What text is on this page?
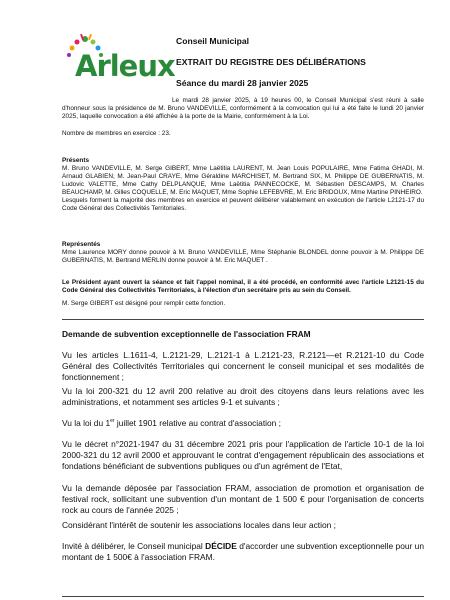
Arleux
Conseil Municipal
EXTRAIT DU REGISTRE DES DÉLIBÉRATIONS
Séance du mardi 28 janvier 2025

Le mardi 28 janvier 2025, à 19 heures 00, le Conseil Municipal s'est réuni à salle d'honneur sous la présidence de M. Bruno VANDEVILLE, conformément à la convocation qui lui a été faite le lundi 20 janvier 2025, laquelle convocation a été affichée à la porte de la Mairie, conformément à la Loi.

Nombre de membres en exercice : 23.

Présents

M. Bruno VANDEVILLE, M. Serge GIBERT, Mme Laëtitia LAURENT, M. Jean Louis POPULAIRE, Mme Fatima GHADI, M. Arnaud GLABIEN, M. Jean-Paul CRAYE, Mme Géraldine MARCHISET, M. Bertrand SIX, M. Philippe DE GUBERNATIS, M. Ludovic VALETTE, Mme Cathy DELPLANQUE, Mme Laëtitia PANNECOCKE, M. Sébastien DESCAMPS, M. Charles BEAUCHAMP, M. Gilles COQUELLE, M. Eric MAQUET, Mme Sophie LEFEBVRE, M. Eric BRIDOUX, Mme Martine PINHEIRO.

Lesquels forment la majorité des membres en exercice et peuvent délibérer valablement en exécution de l'article L2121-17 du Code Général des Collectivités Territoriales.

Représentés

Mme Laurence MORY donne pouvoir à M. Bruno VANDEVILLE, Mme Stéphanie BLONDEL donne pouvoir à M. Philippe DE GUBERNATIS, M. Bertrand MERLIN donne pouvoir à M. Eric MAQUET .

Le Président ayant ouvert la séance et fait l'appel nominal, il a été procédé, en conformité avec l'article L2121-15 du Code Général des Collectivités Territoriales, à l'élection d'un secrétaire pris au sein du Conseil.

M. Serge GIBERT est désigné pour remplir cette fonction.

Demande de subvention exceptionnelle de l'association FRAM

Vu les articles L.1611-4, L.2121-29, L.2121-1 à L.2121-23, R.2121—et R.2121-10 du Code Général des Collectivités Territoriales qui concernent le conseil municipal et ses modalités de fonctionnement ;

Vu la loi 200-321 du 12 avril 200 relative au droit des citoyens dans leurs relations avec les administrations, et notamment ses articles 9-1 et suivants ;

Vu la loi du 1er juillet 1901 relative au contrat d'association ;

Vu le décret n°2021-1947 du 31 décembre 2021 pris pour l'application de l'article 10-1 de la loi 2000-321 du 12 avril 2000 et approuvant le contrat d'engagement républicain des associations et fondations bénéficiant de subventions publiques ou d'un agrément de l'Etat,

Vu la demande déposée par l'association FRAM, association de promotion et organisation de festival rock, sollicitant une subvention d'un montant de 1 500 € pour l'organisation de concerts rock au cours de l'année 2025 ;

Considérant l'intérêt de soutenir les associations locales dans leur action ;

Invité à délibérer, le Conseil municipal DÉCIDE d'accorder une subvention exceptionnelle pour un montant de 1 500€ à l'association FRAM.
